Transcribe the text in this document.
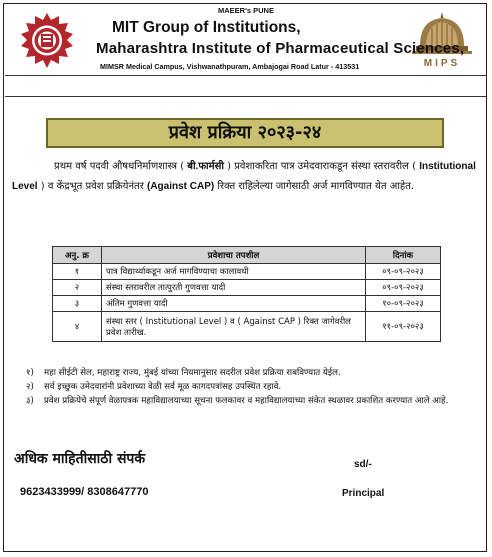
MIPS
MAEER's PUNE
MIT Group of Institutions,
Maharashtra Institute of Pharmaceutical Sciences,
MIMSR Medical Campus, Vishwanathpuram, Ambajogai Road Latur - 413531
प्रवेश प्रक्रिया २०२३-२४
प्रथम वर्ष पदवी औषधनिर्माणशास्त्र ( बी.फार्मसी ) प्रवेशाकरिता पात्र उमेदवाराकडून संस्था स्तरावरील ( Institutional Level ) व केंद्रभूत प्रवेश प्रक्रियेनंतर (Against CAP) रिक्त राहिलेल्या जागेसाठी अर्ज मागविण्यात येत आहेत.
अनु. क्र	प्रवेशाचा तपशील	दिनांक
१	पात्र विद्यार्थ्याकडून अर्ज मागविण्याचा कालावधी	०९-०९-२०२३
२	संस्था स्तरावरील तात्पुरती गुणवत्ता यादी	०९-०९-२०२३
३	अंतिम गुणवत्ता यादी	१०-०९-२०२३
४	संस्था स्तर ( Institutional Level ) व ( Against CAP ) रिक्त जागेवरील प्रवेश तारीख.	११-०९-२०२३
१)	महा सीईटी सेल, महाराष्ट्र राज्य, मुंबई यांच्या नियमानुसार सदरील प्रवेश प्रक्रिया राबविण्यात येईल.
२)	सर्व इच्छुक उमेदवारांनी प्रवेशाच्या वेळी सर्व मूळ कागदपत्रांसह उपस्थित रहावे.
३)	प्रवेश प्रक्रियेचे संपूर्ण वेळापत्रक महाविद्यालयाच्या सूचना फलकावर व महाविद्यालयाच्या संकेत स्थळावर प्रकाशित करण्यात आले आहे.
अधिक माहितीसाठी संपर्क	sd/-
9623433999/ 8308647770	Principal
